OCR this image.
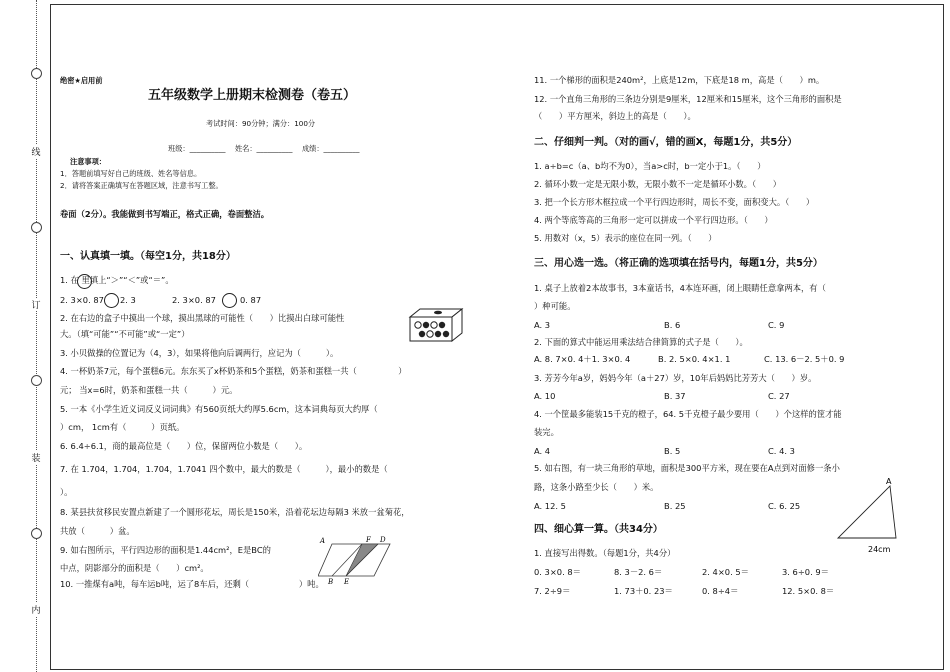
线
订
装
内
绝密★启用前
五年级数学上册期末检测卷（卷五）
考试时间：90分钟；满分：100分
班级：__________　 姓名：__________　 成绩：__________
注意事项：
1．答题前填写好自己的班级、姓名等信息。
2．请将答案正确填写在答题区域，注意书写工整。
卷面（2分）。我能做到书写端正，格式正确，卷面整洁。
一、认真填一填。（每空1分，共18分）
1. 在 里填上“＞”“＜”或“＝”。
2. 3×0. 87 2. 3	2. 3×0. 87	0. 87
2. 在右边的盒子中摸出一个球，摸出黑球的可能性（　　）比摸出白球可能性
大。（填“可能”“不可能”或“一定”）
3. 小贝做操的位置记为（4，3），如果将他向后调两行，应记为（　　　）。
4. 一杯奶茶7元，每个蛋糕6元。东东买了x杯奶茶和5个蛋糕，奶茶和蛋糕一共（　　　　　）
元； 当x=6时，奶茶和蛋糕一共（　　　）元。
5. 一本《小学生近义词反义词词典》有560页纸大约厚5.6cm，这本词典每页大约厚（
）cm， 1cm有（　　　）页纸。
6. 6.4÷6.1，商的最高位是（　　）位，保留两位小数是（　　）。
7. 在 1.704，1.704，1.704，1.7041 四个数中，最大的数是（　　　），最小的数是（
）。
8. 某县扶贫移民安置点新建了一个圆形花坛，周长是150米，沿着花坛边每隔3 米放一盆菊花，
共放（　　　）盆。
9. 如右图所示，平行四边形的面积是1.44cm²，E是BC的
中点，阴影部分的面积是（　　）cm²。
10. 一推煤有a吨，每车运b吨，运了8车后，还剩（　　　　　　）吨。
A	D
F
B E
11. 一个梯形的面积是240m²，上底是12m，下底是18 m，高是（　　）m。
12. 一个直角三角形的三条边分别是9厘米，12厘米和15厘米，这个三角形的面积是
（　　）平方厘米，斜边上的高是（　　）。
二、仔细判一判。（对的画√，错的画X，每题1分，共5分）
1. a÷b=c（a、b均不为0），当a>c时，b一定小于1。（　　）
2. 循环小数一定是无限小数，无限小数不一定是循环小数。（　　）
3. 把一个长方形木框拉成一个平行四边形时，周长不变，面积变大。（　　）
4. 两个等底等高的三角形一定可以拼成一个平行四边形。（　　）
5. 用数对（x，5）表示的座位在同一列。（　　）
三、用心选一选。（将正确的选项填在括号内，每题1分，共5分）
1. 桌子上放着2本故事书，3本童话书，4本连环画，闭上眼睛任意拿两本，有（
）种可能。
A. 3	B. 6	C. 9
2. 下面的算式中能运用乘法结合律简算的式子是（　　）。
A. 8. 7×0. 4＋1. 3×0. 4	B. 2. 5×0. 4×1. 1	C. 13. 6－2. 5＋0. 9
3. 芳芳今年a岁，妈妈今年（a＋27）岁，10年后妈妈比芳芳大（　　）岁。
A. 10	B. 37	C. 27
4. 一个筐最多能装15千克的橙子，64. 5千克橙子最少要用（　　）个这样的筐才能
装完。
A. 4	B. 5	C. 4. 3
5. 如右图，有一块三角形的草地，面积是300平方米，现在要在A点到对面修一条小
路，这条小路至少长（　　）米。
A. 12. 5	B. 25	C. 6. 25
A
24cm
四、细心算一算。（共34分）
1. 直接写出得数。（每题1分，共4分）
0. 3×0. 8＝	8. 3－2. 6＝	2. 4×0. 5＝	3. 6÷0. 9＝
7. 2÷9＝	1. 73＋0. 23＝	0. 8÷4＝	12. 5×0. 8＝
